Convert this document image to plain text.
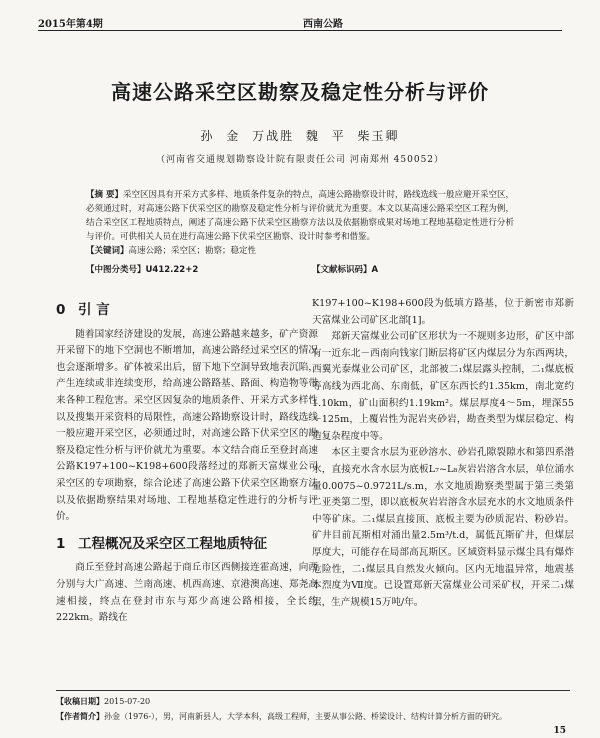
2015年第4期	西南公路
高速公路采空区勘察及稳定性分析与评价
孙 金 万战胜 魏 平 柴玉卿
（河南省交通规划勘察设计院有限责任公司 河南郑州 450052）
【摘 要】采空区因具有开采方式多样、地质条件复杂的特点，高速公路勘察设计时，路线选线一般应避开采空区，必须通过时，对高速公路下伏采空区的勘察及稳定性分析与评价就尤为重要。本文以某高速公路采空区工程为例，结合采空区工程地质特点，阐述了高速公路下伏采空区勘察方法以及依据勘察成果对场地工程地基稳定性进行分析与评价。可供相关人员在进行高速公路下伏采空区勘察、设计时参考和借鉴。
【关键词】高速公路；采空区；勘察；稳定性
【中图分类号】U412.22+2	【文献标识码】A
0 引 言

随着国家经济建设的发展，高速公路越来越多，矿产资源开采留下的地下空洞也不断增加，高速公路经过采空区的情况也会逐渐增多。矿体被采出后，留下地下空洞导致地表沉陷，产生连续或非连续变形，给高速公路路基、路面、构造物等带来各种工程危害。采空区因复杂的地质条件、开采方式多样性以及搜集开采资料的局限性，高速公路勘察设计时，路线选线一般应避开采空区，必须通过时，对高速公路下伏采空区的勘察及稳定性分析与评价就尤为重要。本文结合商丘至登封高速公路K197+100~K198+600段落经过的郑新天富煤业公司采空区的专项勘察，综合论述了高速公路下伏采空区勘察方法以及依据勘察结果对场地、工程地基稳定性进行的分析与评价。

1 工程概况及采空区工程地质特征

商丘至登封高速公路起于商丘市区西侧接连霍高速，向西分别与大广高速、兰南高速、机西高速、京港澳高速、郑尧高速相接，终点在登封市东与郑少高速公路相接，全长约222km。路线在

K197+100~K198+600段为低填方路基，位于新密市郑新天富煤业公司矿区北部[1]。

郑新天富煤业公司矿区形状为一不规则多边形，矿区中部有一近东北－西南向钱家门断层将矿区内煤层分为东西两块，西翼光泰煤业公司矿区，北部被二₁煤层露头控制，二₁煤底板等高线为西北高、东南低，矿区东西长约1.35km，南北宽约1.10km，矿山面积约1.19km²。煤层厚度4～5m，埋深55～125m，上覆岩性为泥岩夹砂岩，勘查类型为煤层稳定、构造复杂程度中等。

本区主要含水层为亚砂溶水、砂岩孔隙裂隙水和第四系潜水，直接充水含水层为底板L₇~L₈灰岩岩溶含水层，单位涌水量0.0075~0.9721L/s.m，水文地质勘察类型属于第三类第二亚类第二型，即以底板灰岩岩溶含水层充水的水文地质条件中等矿床。二₁煤层直接顶、底板主要为砂质泥岩、粉砂岩。矿井目前瓦斯相对涌出量2.5m³/t.d，属低瓦斯矿井，但煤层厚度大，可能存在局部高瓦斯区。区域资料显示煤尘具有爆炸危险性，二₁煤层具自然发火倾向。区内无地温异常，地震基本烈度为Ⅶ度。已设置郑新天富煤业公司采矿权，开采二₁煤层，生产规模15万吨/年。

【收稿日期】2015-07-20
【作者简介】孙金（1976-），男，河南新县人，大学本科，高级工程师，主要从事公路、桥梁设计、结构计算分析方面的研究。
15
